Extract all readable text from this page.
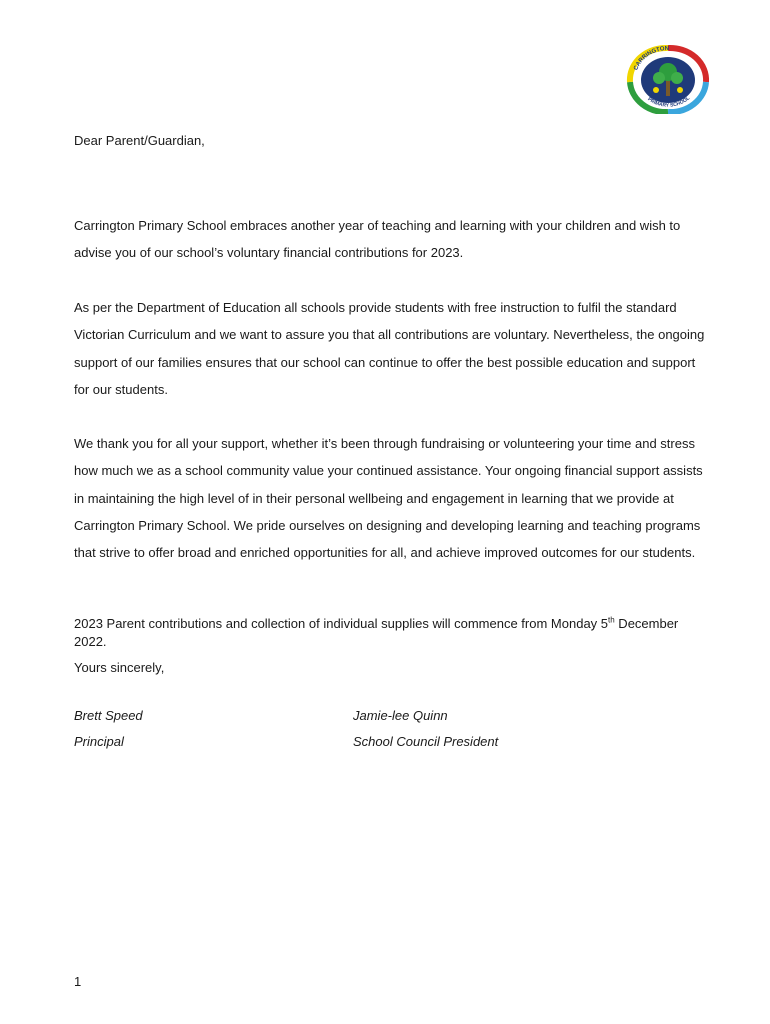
CARRINGTON
PRIMARY SCHOOL

Dear Parent/Guardian,

Carrington Primary School embraces another year of teaching and learning with your children and wish to advise you of our school’s voluntary financial contributions for 2023.

As per the Department of Education all schools provide students with free instruction to fulfil the standard Victorian Curriculum and we want to assure you that all contributions are voluntary. Nevertheless, the ongoing support of our families ensures that our school can continue to offer the best possible education and support for our students.

We thank you for all your support, whether it’s been through fundraising or volunteering your time and stress how much we as a school community value your continued assistance. Your ongoing financial support assists in maintaining the high level of in their personal wellbeing and engagement in learning that we provide at Carrington Primary School. We pride ourselves on designing and developing learning and teaching programs that strive to offer broad and enriched opportunities for all, and achieve improved outcomes for our students.

2023 Parent contributions and collection of individual supplies will commence from Monday 5th December 2022.

Yours sincerely,

Brett Speed
Principal
Jamie-lee Quinn
School Council President
1
